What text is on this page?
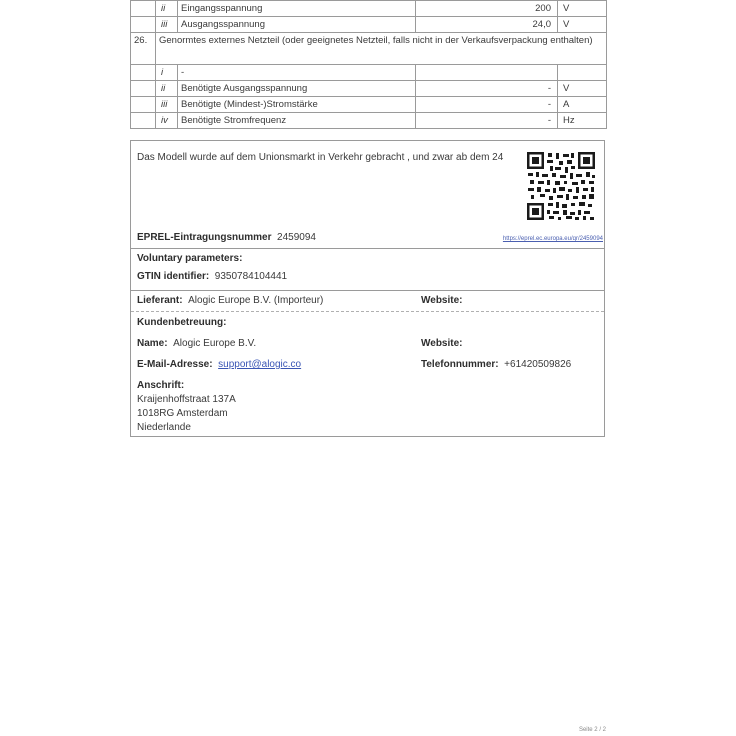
	ii	Eingangsspannung	200	V
	iii	Ausgangsspannung	24,0	V
26.	Genormtes externes Netzteil (oder geeignetes Netzteil, falls nicht in der Verkaufsverpackung enthalten)			
	i	-		
	ii	Benötigte Ausgangsspannung	-	V
	iii	Benötigte (Mindest-)Stromstärke	-	A
	iv	Benötigte Stromfrequenz	-	Hz
Das Modell wurde auf dem Unionsmarkt in Verkehr gebracht , und zwar ab dem 24
EPREL-Eintragungsnummer 2459094	https://eprel.ec.europa.eu/qr/2459094
Voluntary parameters:
GTIN identifier: 9350784104441
Lieferant: Alogic Europe B.V. (Importeur)	Website:
Kundenbetreuung:
Name: Alogic Europe B.V.	Website:
E-Mail-Adresse: support@alogic.co	Telefonnummer: +61420509826
Anschrift:
Kraijenhoffstraat 137A
1018RG Amsterdam
Niederlande
Seite 2 / 2
